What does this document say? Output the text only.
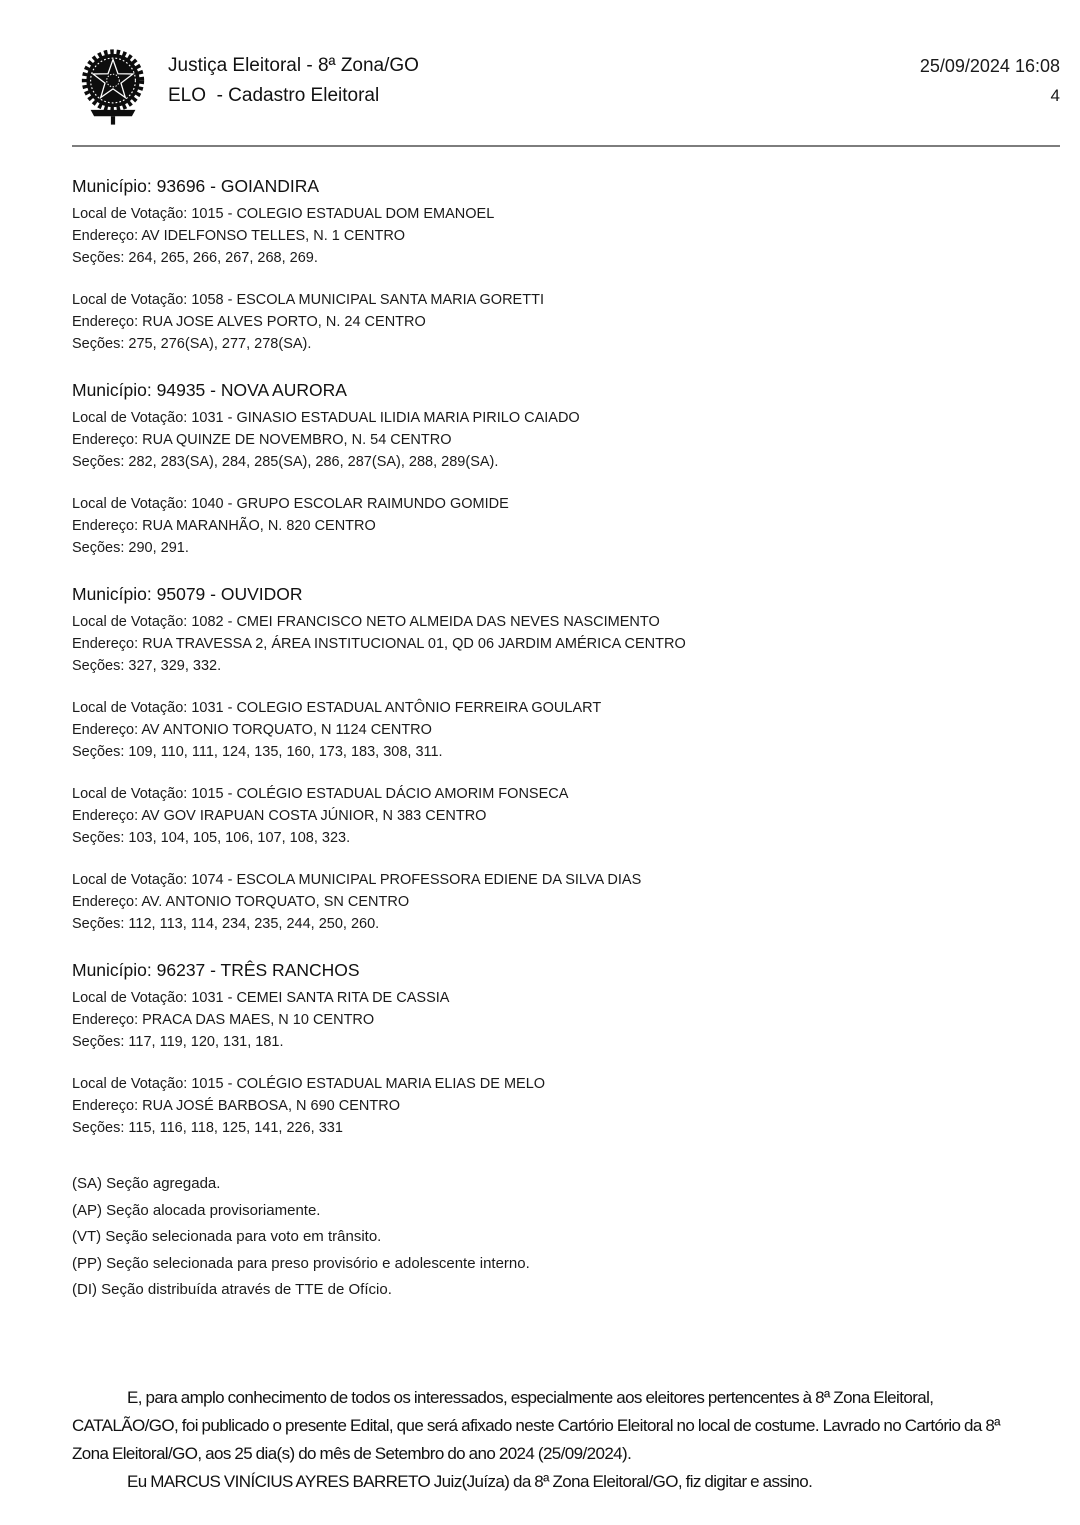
Justiça Eleitoral - 8ª Zona/GO
ELO  - Cadastro Eleitoral
25/09/2024 16:08
4
Município: 93696 - GOIANDIRA
Local de Votação: 1015 - COLEGIO ESTADUAL DOM EMANOEL
Endereço: AV IDELFONSO TELLES, N. 1 CENTRO
Seções: 264, 265, 266, 267, 268, 269.
Local de Votação: 1058 - ESCOLA MUNICIPAL SANTA MARIA GORETTI
Endereço: RUA JOSE ALVES PORTO, N. 24 CENTRO
Seções: 275, 276(SA), 277, 278(SA).
Município: 94935 - NOVA AURORA
Local de Votação: 1031 - GINASIO ESTADUAL ILIDIA MARIA PIRILO CAIADO
Endereço: RUA QUINZE DE NOVEMBRO, N. 54 CENTRO
Seções: 282, 283(SA), 284, 285(SA), 286, 287(SA), 288, 289(SA).
Local de Votação: 1040 - GRUPO ESCOLAR RAIMUNDO GOMIDE
Endereço: RUA MARANHÃO, N. 820 CENTRO
Seções: 290, 291.
Município: 95079 - OUVIDOR
Local de Votação: 1082 - CMEI FRANCISCO NETO ALMEIDA DAS NEVES NASCIMENTO
Endereço: RUA TRAVESSA 2, ÁREA INSTITUCIONAL 01, QD 06 JARDIM AMÉRICA CENTRO
Seções: 327, 329, 332.
Local de Votação: 1031 - COLEGIO ESTADUAL ANTÔNIO FERREIRA GOULART
Endereço: AV ANTONIO TORQUATO, N 1124 CENTRO
Seções: 109, 110, 111, 124, 135, 160, 173, 183, 308, 311.
Local de Votação: 1015 - COLÉGIO ESTADUAL DÁCIO AMORIM FONSECA
Endereço: AV GOV IRAPUAN COSTA JÚNIOR, N 383 CENTRO
Seções: 103, 104, 105, 106, 107, 108, 323.
Local de Votação: 1074 - ESCOLA MUNICIPAL PROFESSORA EDIENE DA SILVA DIAS
Endereço: AV. ANTONIO TORQUATO, SN CENTRO
Seções: 112, 113, 114, 234, 235, 244, 250, 260.
Município: 96237 - TRÊS RANCHOS
Local de Votação: 1031 - CEMEI SANTA RITA DE CASSIA
Endereço: PRACA DAS MAES, N 10 CENTRO
Seções: 117, 119, 120, 131, 181.
Local de Votação: 1015 - COLÉGIO ESTADUAL MARIA ELIAS DE MELO
Endereço: RUA JOSÉ BARBOSA, N 690 CENTRO
Seções: 115, 116, 118, 125, 141, 226, 331
(SA) Seção agregada.
(AP) Seção alocada provisoriamente.
(VT) Seção selecionada para voto em trânsito.
(PP) Seção selecionada para preso provisório e adolescente interno.
(DI) Seção distribuída através de TTE de Ofício.

E, para amplo conhecimento de todos os interessados, especialmente aos eleitores pertencentes à 8ª Zona Eleitoral, CATALÃO/GO, foi publicado o presente Edital, que será afixado neste Cartório Eleitoral no local de costume. Lavrado no Cartório da 8ª Zona Eleitoral/GO, aos 25 dia(s) do mês de Setembro do ano 2024 (25/09/2024).

Eu MARCUS VINÍCIUS AYRES BARRETO Juiz(Juíza) da 8ª Zona Eleitoral/GO, fiz digitar e assino.
